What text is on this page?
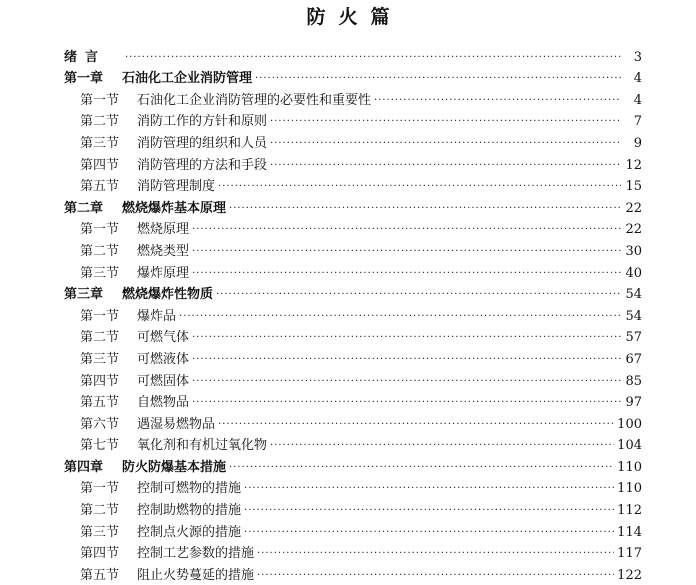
防火篇
绪言 ·····	3
第一章	石油化工企业消防管理 ·····	4
第一节	石油化工企业消防管理的必要性和重要性 ·····	4
第二节	消防工作的方针和原则 ·····	7
第三节	消防管理的组织和人员 ·····	9
第四节	消防管理的方法和手段 ·····	12
第五节	消防管理制度 ·····	15
第二章	燃烧爆炸基本原理 ·····	22
第一节	燃烧原理 ·····	22
第二节	燃烧类型 ·····	30
第三节	爆炸原理 ·····	40
第三章	燃烧爆炸性物质 ·····	54
第一节	爆炸品 ·····	54
第二节	可燃气体 ·····	57
第三节	可燃液体 ·····	67
第四节	可燃固体 ·····	85
第五节	自燃物品 ·····	97
第六节	遇湿易燃物品 ·····	100
第七节	氧化剂和有机过氧化物 ·····	104
第四章	防火防爆基本措施 ·····	110
第一节	控制可燃物的措施 ·····	110
第二节	控制助燃物的措施 ·····	112
第三节	控制点火源的措施 ·····	114
第四节	控制工艺参数的措施 ·····	117
第五节	阻止火势蔓延的措施 ·····	122
